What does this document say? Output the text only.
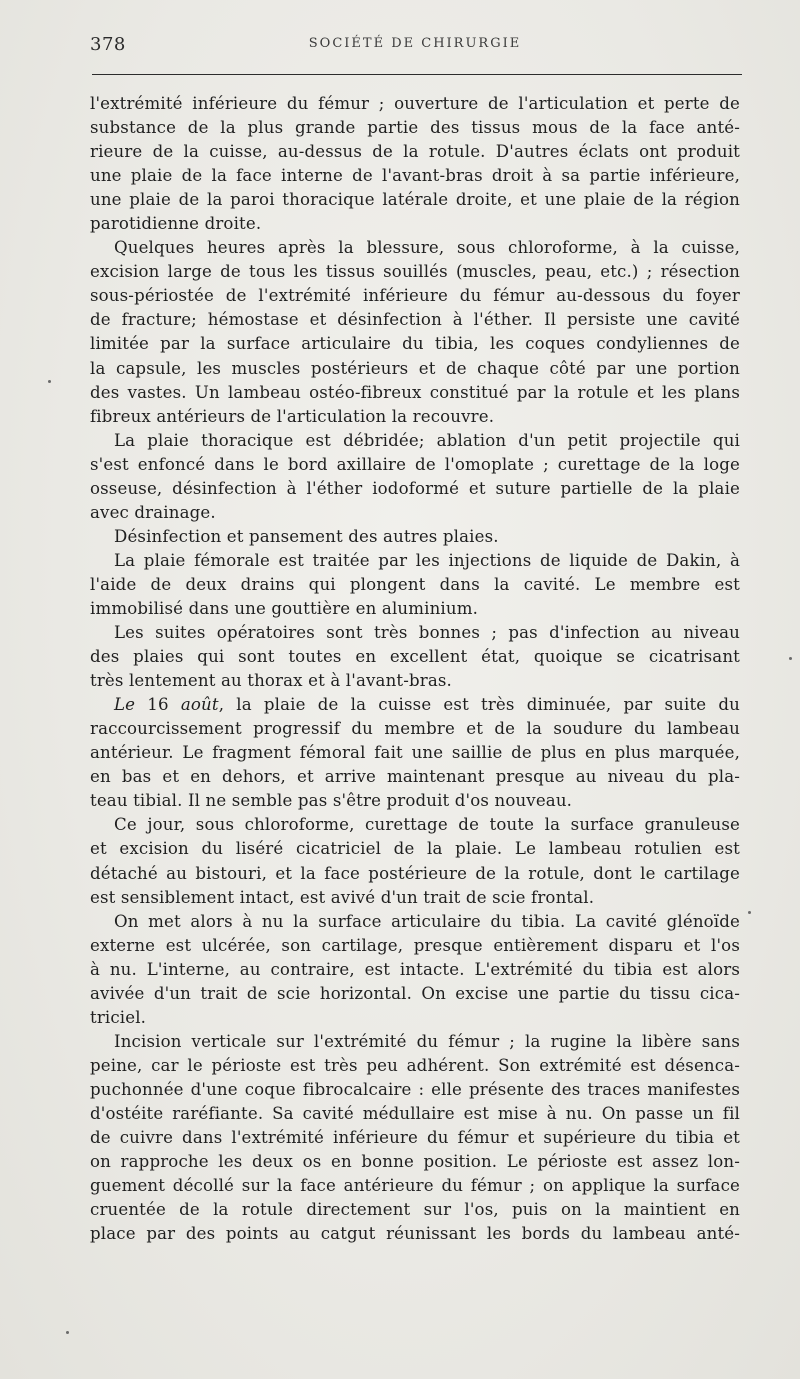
378	SOCIÉTÉ DE CHIRURGIE
l'extrémité inférieure du fémur ; ouverture de l'articulation et perte de
substance de la plus grande partie des tissus mous de la face anté-
rieure de la cuisse, au-dessus de la rotule. D'autres éclats ont produit
une plaie de la face interne de l'avant-bras droit à sa partie inférieure,
une plaie de la paroi thoracique latérale droite, et une plaie de la région
parotidienne droite.
Quelques heures après la blessure, sous chloroforme, à la cuisse,
excision large de tous les tissus souillés (muscles, peau, etc.) ; résection
sous-périostée de l'extrémité inférieure du fémur au-dessous du foyer
de fracture; hémostase et désinfection à l'éther. Il persiste une cavité
limitée par la surface articulaire du tibia, les coques condyliennes de
la capsule, les muscles postérieurs et de chaque côté par une portion
des vastes. Un lambeau ostéo-fibreux constitué par la rotule et les plans
fibreux antérieurs de l'articulation la recouvre.
La plaie thoracique est débridée; ablation d'un petit projectile qui
s'est enfoncé dans le bord axillaire de l'omoplate ; curettage de la loge
osseuse, désinfection à l'éther iodoformé et suture partielle de la plaie
avec drainage.
Désinfection et pansement des autres plaies.
La plaie fémorale est traitée par les injections de liquide de Dakin, à
l'aide de deux drains qui plongent dans la cavité. Le membre est
immobilisé dans une gouttière en aluminium.
Les suites opératoires sont très bonnes ; pas d'infection au niveau
des plaies qui sont toutes en excellent état, quoique se cicatrisant
très lentement au thorax et à l'avant-bras.
Le 16 août, la plaie de la cuisse est très diminuée, par suite du
raccourcissement progressif du membre et de la soudure du lambeau
antérieur. Le fragment fémoral fait une saillie de plus en plus marquée,
en bas et en dehors, et arrive maintenant presque au niveau du pla-
teau tibial. Il ne semble pas s'être produit d'os nouveau.
Ce jour, sous chloroforme, curettage de toute la surface granuleuse
et excision du liséré cicatriciel de la plaie. Le lambeau rotulien est
détaché au bistouri, et la face postérieure de la rotule, dont le cartilage
est sensiblement intact, est avivé d'un trait de scie frontal.
On met alors à nu la surface articulaire du tibia. La cavité glénoïde
externe est ulcérée, son cartilage, presque entièrement disparu et l'os
à nu. L'interne, au contraire, est intacte. L'extrémité du tibia est alors
avivée d'un trait de scie horizontal. On excise une partie du tissu cica-
triciel.
Incision verticale sur l'extrémité du fémur ; la rugine la libère sans
peine, car le périoste est très peu adhérent. Son extrémité est désenca-
puchonnée d'une coque fibrocalcaire : elle présente des traces manifestes
d'ostéite raréfiante. Sa cavité médullaire est mise à nu. On passe un fil
de cuivre dans l'extrémité inférieure du fémur et supérieure du tibia et
on rapproche les deux os en bonne position. Le périoste est assez lon-
guement décollé sur la face antérieure du fémur ; on applique la surface
cruentée de la rotule directement sur l'os, puis on la maintient en
place par des points au catgut réunissant les bords du lambeau anté-
